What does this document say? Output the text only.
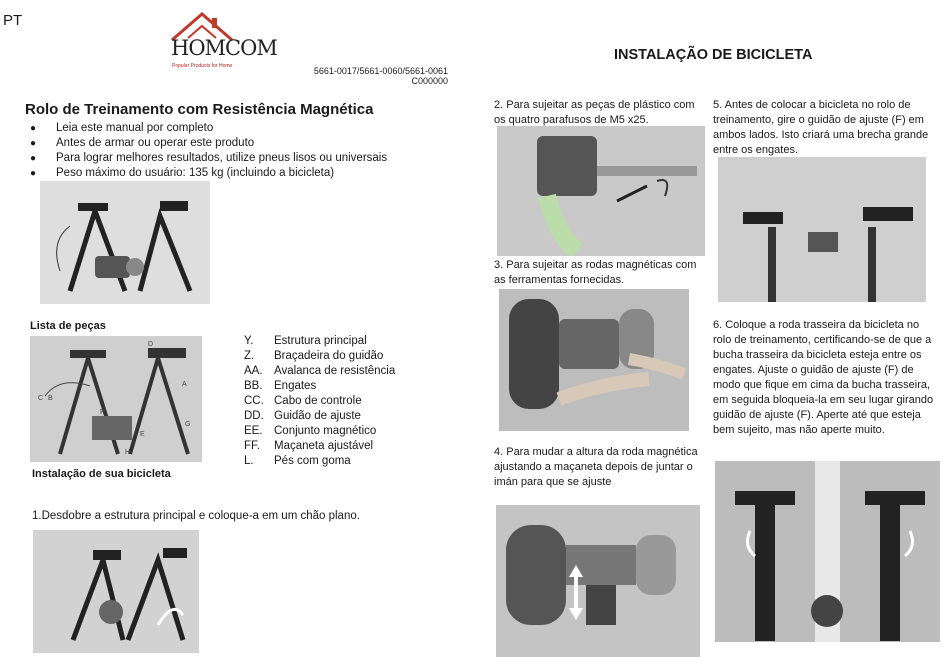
PT
HOMCOM
Popular Products for Home	5661-0017/5661-0060/5661-0061
C000000
INSTALAÇÃO DE BICICLETA
Rolo de Treinamento com Resistência Magnética
● Leia este manual por completo
● Antes de armar ou operar este produto
● Para lograr melhores resultados, utilize pneus lisos ou universais
● Peso máximo do usuário: 135 kg (incluindo a bicicleta)
Lista de peças
D
A
B
C
H
E
F
G
Y.	Estrutura principal
Z.	Braçadeira do guidão
AA. Avalanca de resistência
BB. Engates
CC. Cabo de controle
DD. Guidão de ajuste
EE. Conjunto magnético
FF.	Maçaneta ajustável
L.	Pés com goma
Instalação de sua bicicleta
1.Desdobre a estrutura principal e coloque-a em um chão plano.
2. Para sujeitar as peças de plástico com os quatro parafusos de M5 x25.
3. Para sujeitar as rodas magnéticas com as ferramentas fornecidas.
4. Para mudar a altura da roda magnética ajustando a maçaneta depois de juntar o imán para que se ajuste
5. Antes de colocar a bicicleta no rolo de treinamento, gire o guidão de ajuste (F) em ambos lados. Isto criará uma brecha grande entre os engates.
6. Coloque a roda trasseira da bicicleta no rolo de treinamento, certificando-se de que a bucha trasseira da bicicleta esteja entre os engates. Ajuste o guidão de ajuste (F) de modo que fique em cima da bucha trasseira, em seguida bloqueia-la em seu lugar girando guidão de ajuste (F). Aperte até que esteja bem sujeito, mas não aperte muito.
